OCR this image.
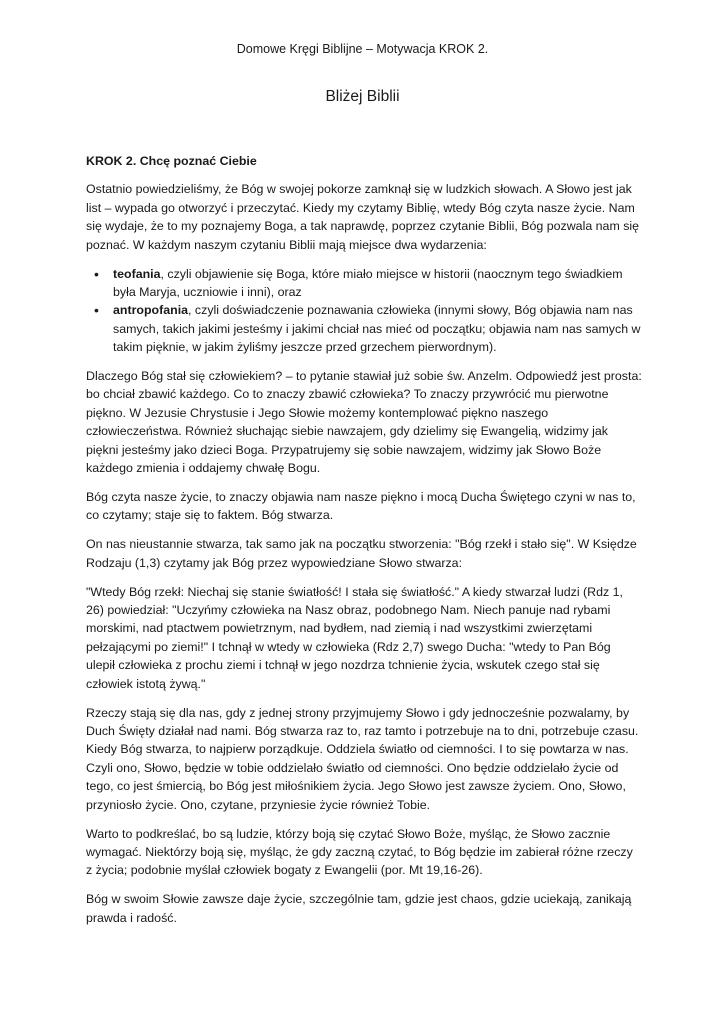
Domowe Kręgi Biblijne – Motywacja KROK 2.
Bliżej Biblii

KROK 2. Chcę poznać Ciebie

Ostatnio powiedzieliśmy, że Bóg w swojej pokorze zamknął się w ludzkich słowach. A Słowo jest jak list – wypada go otworzyć i przeczytać. Kiedy my czytamy Biblię, wtedy Bóg czyta nasze życie. Nam się wydaje, że to my poznajemy Boga, a tak naprawdę, poprzez czytanie Biblii, Bóg pozwala nam się poznać. W każdym naszym czytaniu Biblii mają miejsce dwa wydarzenia:

• teofania, czyli objawienie się Boga, które miało miejsce w historii (naocznym tego świadkiem była Maryja, uczniowie i inni), oraz
• antropofania, czyli doświadczenie poznawania człowieka (innymi słowy, Bóg objawia nam nas samych, takich jakimi jesteśmy i jakimi chciał nas mieć od początku; objawia nam nas samych w takim pięknie, w jakim żyliśmy jeszcze przed grzechem pierwordnym).

Dlaczego Bóg stał się człowiekiem? – to pytanie stawiał już sobie św. Anzelm. Odpowiedź jest prosta: bo chciał zbawić każdego. Co to znaczy zbawić człowieka? To znaczy przywrócić mu pierwotne piękno. W Jezusie Chrystusie i Jego Słowie możemy kontemplować piękno naszego człowieczeństwa. Również słuchając siebie nawzajem, gdy dzielimy się Ewangelią, widzimy jak piękni jesteśmy jako dzieci Boga. Przypatrujemy się sobie nawzajem, widzimy jak Słowo Boże każdego zmienia i oddajemy chwałę Bogu.

Bóg czyta nasze życie, to znaczy objawia nam nasze piękno i mocą Ducha Świętego czyni w nas to, co czytamy; staje się to faktem. Bóg stwarza.

On nas nieustannie stwarza, tak samo jak na początku stworzenia: "Bóg rzekł i stało się". W Księdze Rodzaju (1,3) czytamy jak Bóg przez wypowiedziane Słowo stwarza:

"Wtedy Bóg rzekł: Niechaj się stanie światłość! I stała się światłość." A kiedy stwarzał ludzi (Rdz 1, 26) powiedział: "Uczyńmy człowieka na Nasz obraz, podobnego Nam. Niech panuje nad rybami morskimi, nad ptactwem powietrznym, nad bydłem, nad ziemią i nad wszystkimi zwierzętami pełzającymi po ziemi!" I tchnął w wtedy w człowieka (Rdz 2,7) swego Ducha: "wtedy to Pan Bóg ulepił człowieka z prochu ziemi i tchnął w jego nozdrza tchnienie życia, wskutek czego stał się człowiek istotą żywą."

Rzeczy stają się dla nas, gdy z jednej strony przyjmujemy Słowo i gdy jednocześnie pozwalamy, by Duch Święty działał nad nami. Bóg stwarza raz to, raz tamto i potrzebuje na to dni, potrzebuje czasu. Kiedy Bóg stwarza, to najpierw porządkuje. Oddziela światło od ciemności. I to się powtarza w nas. Czyli ono, Słowo, będzie w tobie oddzielało światło od ciemności. Ono będzie oddzielało życie od tego, co jest śmiercią, bo Bóg jest miłośnikiem życia. Jego Słowo jest zawsze życiem. Ono, Słowo, przyniosło życie. Ono, czytane, przyniesie życie również Tobie.

Warto to podkreślać, bo są ludzie, którzy boją się czytać Słowo Boże, myśląc, że Słowo zacznie wymagać. Niektórzy boją się, myśląc, że gdy zaczną czytać, to Bóg będzie im zabierał różne rzeczy z życia; podobnie myślał człowiek bogaty z Ewangelii (por. Mt 19,16-26).

Bóg w swoim Słowie zawsze daje życie, szczególnie tam, gdzie jest chaos, gdzie uciekają, zanikają prawda i radość.
